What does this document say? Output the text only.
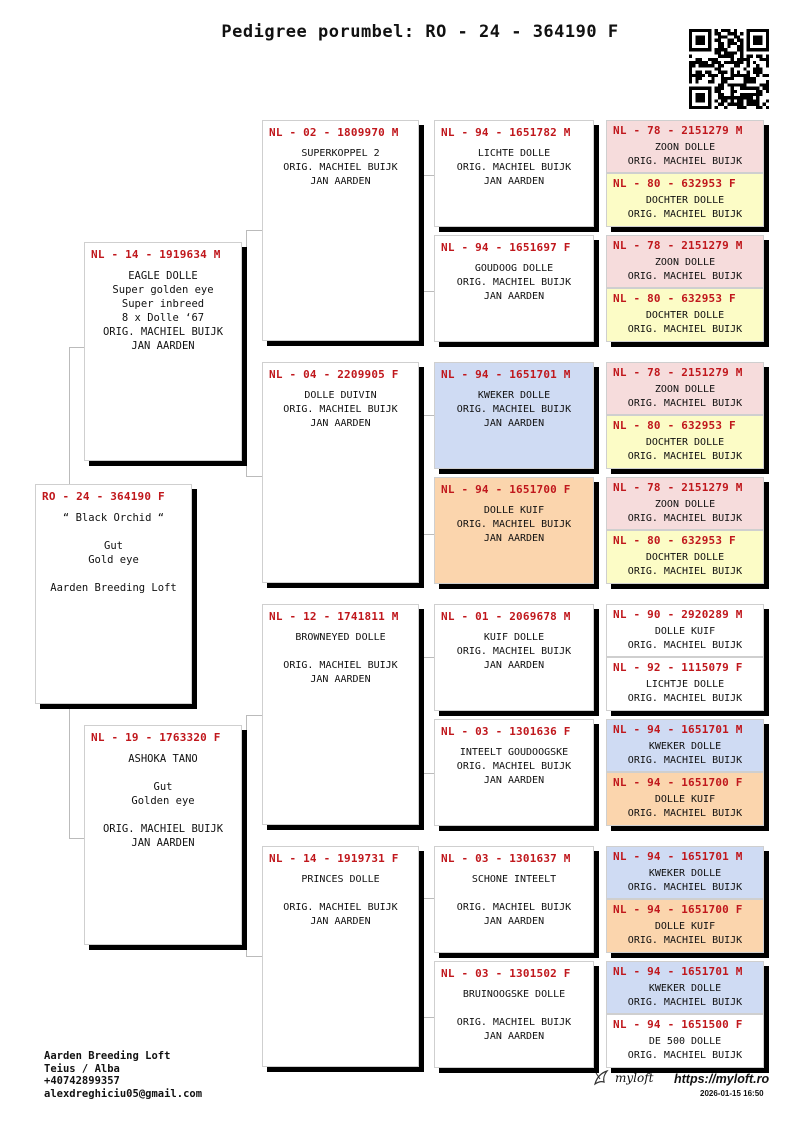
Pedigree porumbel: RO - 24 - 364190 F
RO - 24 - 364190 F
“ Black Orchid “
Gut
Gold eye
Aarden Breeding Loft
NL - 14 - 1919634 M
EAGLE DOLLE
Super golden eye
Super inbreed
8 x Dolle ‘67
ORIG. MACHIEL BUIJK
JAN AARDEN
NL - 19 - 1763320 F
ASHOKA TANO
Gut
Golden eye
ORIG. MACHIEL BUIJK
JAN AARDEN
NL - 02 - 1809970 M
SUPERKOPPEL 2
ORIG. MACHIEL BUIJK
JAN AARDEN
NL - 04 - 2209905 F
DOLLE DUIVIN
ORIG. MACHIEL BUIJK
JAN AARDEN
NL - 12 - 1741811 M
BROWNEYED DOLLE
ORIG. MACHIEL BUIJK
JAN AARDEN
NL - 14 - 1919731 F
PRINCES DOLLE
ORIG. MACHIEL BUIJK
JAN AARDEN
NL - 94 - 1651782 M
LICHTE DOLLE
ORIG. MACHIEL BUIJK
JAN AARDEN
NL - 94 - 1651697 F
GOUDOOG DOLLE
ORIG. MACHIEL BUIJK
JAN AARDEN
NL - 94 - 1651701 M
KWEKER DOLLE
ORIG. MACHIEL BUIJK
JAN AARDEN
NL - 94 - 1651700 F
DOLLE KUIF
ORIG. MACHIEL BUIJK
JAN AARDEN
NL - 01 - 2069678 M
KUIF DOLLE
ORIG. MACHIEL BUIJK
JAN AARDEN
NL - 03 - 1301636 F
INTEELT GOUDOOGSKE
ORIG. MACHIEL BUIJK
JAN AARDEN
NL - 03 - 1301637 M
SCHONE INTEELT
ORIG. MACHIEL BUIJK
JAN AARDEN
NL - 03 - 1301502 F
BRUINOOGSKE DOLLE
ORIG. MACHIEL BUIJK
JAN AARDEN
NL - 78 - 2151279 M
ZOON DOLLE
ORIG. MACHIEL BUIJK
NL - 80 - 632953 F
DOCHTER DOLLE
ORIG. MACHIEL BUIJK
NL - 78 - 2151279 M
ZOON DOLLE
ORIG. MACHIEL BUIJK
NL - 80 - 632953 F
DOCHTER DOLLE
ORIG. MACHIEL BUIJK
NL - 78 - 2151279 M
ZOON DOLLE
ORIG. MACHIEL BUIJK
NL - 80 - 632953 F
DOCHTER DOLLE
ORIG. MACHIEL BUIJK
NL - 78 - 2151279 M
ZOON DOLLE
ORIG. MACHIEL BUIJK
NL - 80 - 632953 F
DOCHTER DOLLE
ORIG. MACHIEL BUIJK
NL - 90 - 2920289 M
DOLLE KUIF
ORIG. MACHIEL BUIJK
NL - 92 - 1115079 F
LICHTJE DOLLE
ORIG. MACHIEL BUIJK
NL - 94 - 1651701 M
KWEKER DOLLE
ORIG. MACHIEL BUIJK
NL - 94 - 1651700 F
DOLLE KUIF
ORIG. MACHIEL BUIJK
NL - 94 - 1651701 M
KWEKER DOLLE
ORIG. MACHIEL BUIJK
NL - 94 - 1651700 F
DOLLE KUIF
ORIG. MACHIEL BUIJK
NL - 94 - 1651701 M
KWEKER DOLLE
ORIG. MACHIEL BUIJK
NL - 94 - 1651500 F
DE 500 DOLLE
ORIG. MACHIEL BUIJK
Aarden Breeding Loft
Teius / Alba
+40742899357
alexdreghiciu05@gmail.com
myloft https://myloft.ro
2026-01-15 16:50
